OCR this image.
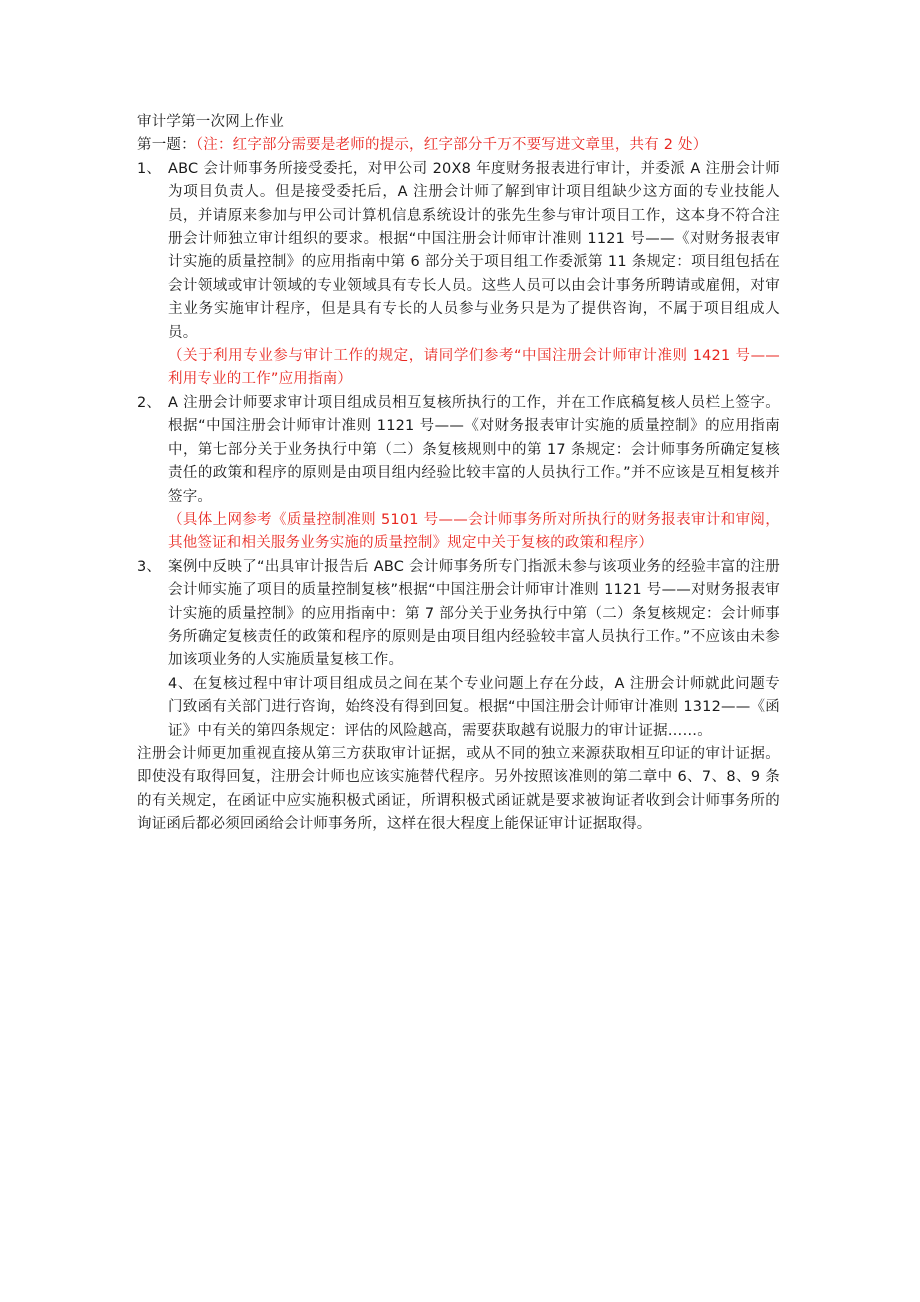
审计学第一次网上作业
第一题：（注：红字部分需要是老师的提示，红字部分千万不要写进文章里，共有 2 处）
1、 ABC 会计师事务所接受委托，对甲公司 20X8 年度财务报表进行审计，并委派 A 注册会计师为项目负责人。但是接受委托后，A 注册会计师了解到审计项目组缺少这方面的专业技能人员，并请原来参加与甲公司计算机信息系统设计的张先生参与审计项目工作，这本身不符合注册会计师独立审计组织的要求。根据“中国注册会计师审计准则 1121 号——《对财务报表审计实施的质量控制》的应用指南中第 6 部分关于项目组工作委派第 11 条规定：项目组包括在会计领域或审计领域的专业领域具有专长人员。这些人员可以由会计事务所聘请或雇佣，对审主业务实施审计程序，但是具有专长的人员参与业务只是为了提供咨询，不属于项目组成人员。

（关于利用专业参与审计工作的规定，请同学们参考“中国注册会计师审计准则 1421 号——利用专业的工作”应用指南）

2、 A 注册会计师要求审计项目组成员相互复核所执行的工作，并在工作底稿复核人员栏上签字。根据“中国注册会计师审计准则 1121 号——《对财务报表审计实施的质量控制》的应用指南中，第七部分关于业务执行中第（二）条复核规则中的第 17 条规定：会计师事务所确定复核责任的政策和程序的原则是由项目组内经验比较丰富的人员执行工作。”并不应该是互相复核并签字。

（具体上网参考《质量控制准则 5101 号——会计师事务所对所执行的财务报表审计和审阅，其他签证和相关服务业务实施的质量控制》规定中关于复核的政策和程序）

3、 案例中反映了“出具审计报告后 ABC 会计师事务所专门指派未参与该项业务的经验丰富的注册会计师实施了项目的质量控制复核”根据“中国注册会计师审计准则 1121 号——对财务报表审计实施的质量控制》的应用指南中：第 7 部分关于业务执行中第（二）条复核规定：会计师事务所确定复核责任的政策和程序的原则是由项目组内经验较丰富人员执行工作。”不应该由未参加该项业务的人实施质量复核工作。

4、在复核过程中审计项目组成员之间在某个专业问题上存在分歧，A 注册会计师就此问题专门致函有关部门进行咨询，始终没有得到回复。根据“中国注册会计师审计准则 1312——《函证》中有关的第四条规定：评估的风险越高，需要获取越有说服力的审计证据……。

注册会计师更加重视直接从第三方获取审计证据，或从不同的独立来源获取相互印证的审计证据。即使没有取得回复，注册会计师也应该实施替代程序。另外按照该准则的第二章中 6、7、8、9 条的有关规定，在函证中应实施积极式函证，所谓积极式函证就是要求被询证者收到会计师事务所的询证函后都必须回函给会计师事务所，这样在很大程度上能保证审计证据取得。
